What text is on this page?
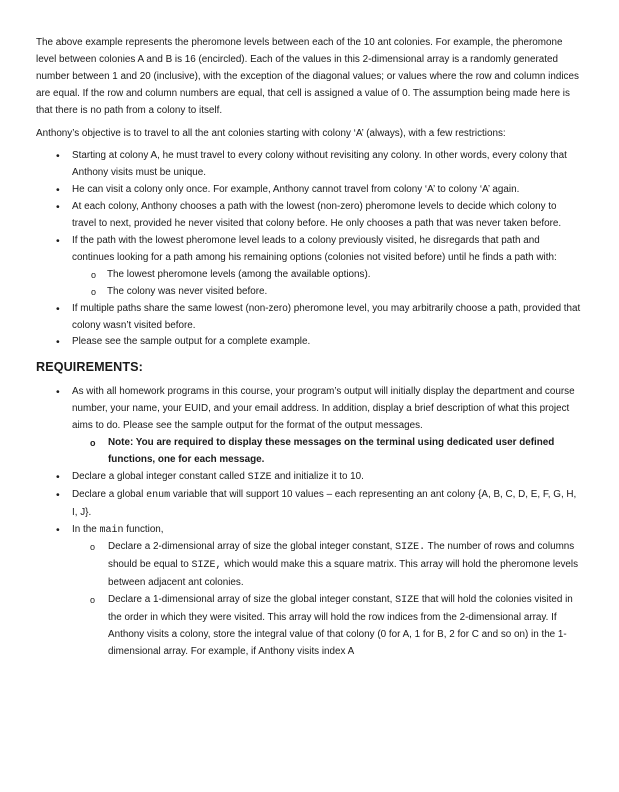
The above example represents the pheromone levels between each of the 10 ant colonies. For example, the pheromone level between colonies A and B is 16 (encircled). Each of the values in this 2-dimensional array is a randomly generated number between 1 and 20 (inclusive), with the exception of the diagonal values; or values where the row and column indices are equal. If the row and column numbers are equal, that cell is assigned a value of 0. The assumption being made here is that there is no path from a colony to itself.

Anthony’s objective is to travel to all the ant colonies starting with colony ‘A’ (always), with a few restrictions:

• Starting at colony A, he must travel to every colony without revisiting any colony. In other words, every colony that Anthony visits must be unique.
• He can visit a colony only once. For example, Anthony cannot travel from colony ‘A’ to colony ‘A’ again.
• At each colony, Anthony chooses a path with the lowest (non-zero) pheromone levels to decide which colony to travel to next, provided he never visited that colony before. He only chooses a path that was never taken before.
• If the path with the lowest pheromone level leads to a colony previously visited, he disregards that path and continues looking for a path among his remaining options (colonies not visited before) until he finds a path with:
o The lowest pheromone levels (among the available options).
o The colony was never visited before.
• If multiple paths share the same lowest (non-zero) pheromone level, you may arbitrarily choose a path, provided that colony wasn’t visited before.
• Please see the sample output for a complete example.
REQUIREMENTS:
• As with all homework programs in this course, your program’s output will initially display the department and course number, your name, your EUID, and your email address. In addition, display a brief description of what this project aims to do. Please see the sample output for the format of the output messages.
o Note: You are required to display these messages on the terminal using dedicated user defined functions, one for each message.
• Declare a global integer constant called SIZE and initialize it to 10.
• Declare a global enum variable that will support 10 values – each representing an ant colony {A, B, C, D, E, F, G, H, I, J}.
• In the main function,
o Declare a 2-dimensional array of size the global integer constant, SIZE. The number of rows and columns should be equal to SIZE, which would make this a square matrix. This array will hold the pheromone levels between adjacent ant colonies.
o Declare a 1-dimensional array of size the global integer constant, SIZE that will hold the colonies visited in the order in which they were visited. This array will hold the row indices from the 2-dimensional array. If Anthony visits a colony, store the integral value of that colony (0 for A, 1 for B, 2 for C and so on) in the 1-dimensional array. For example, if Anthony visits index A
